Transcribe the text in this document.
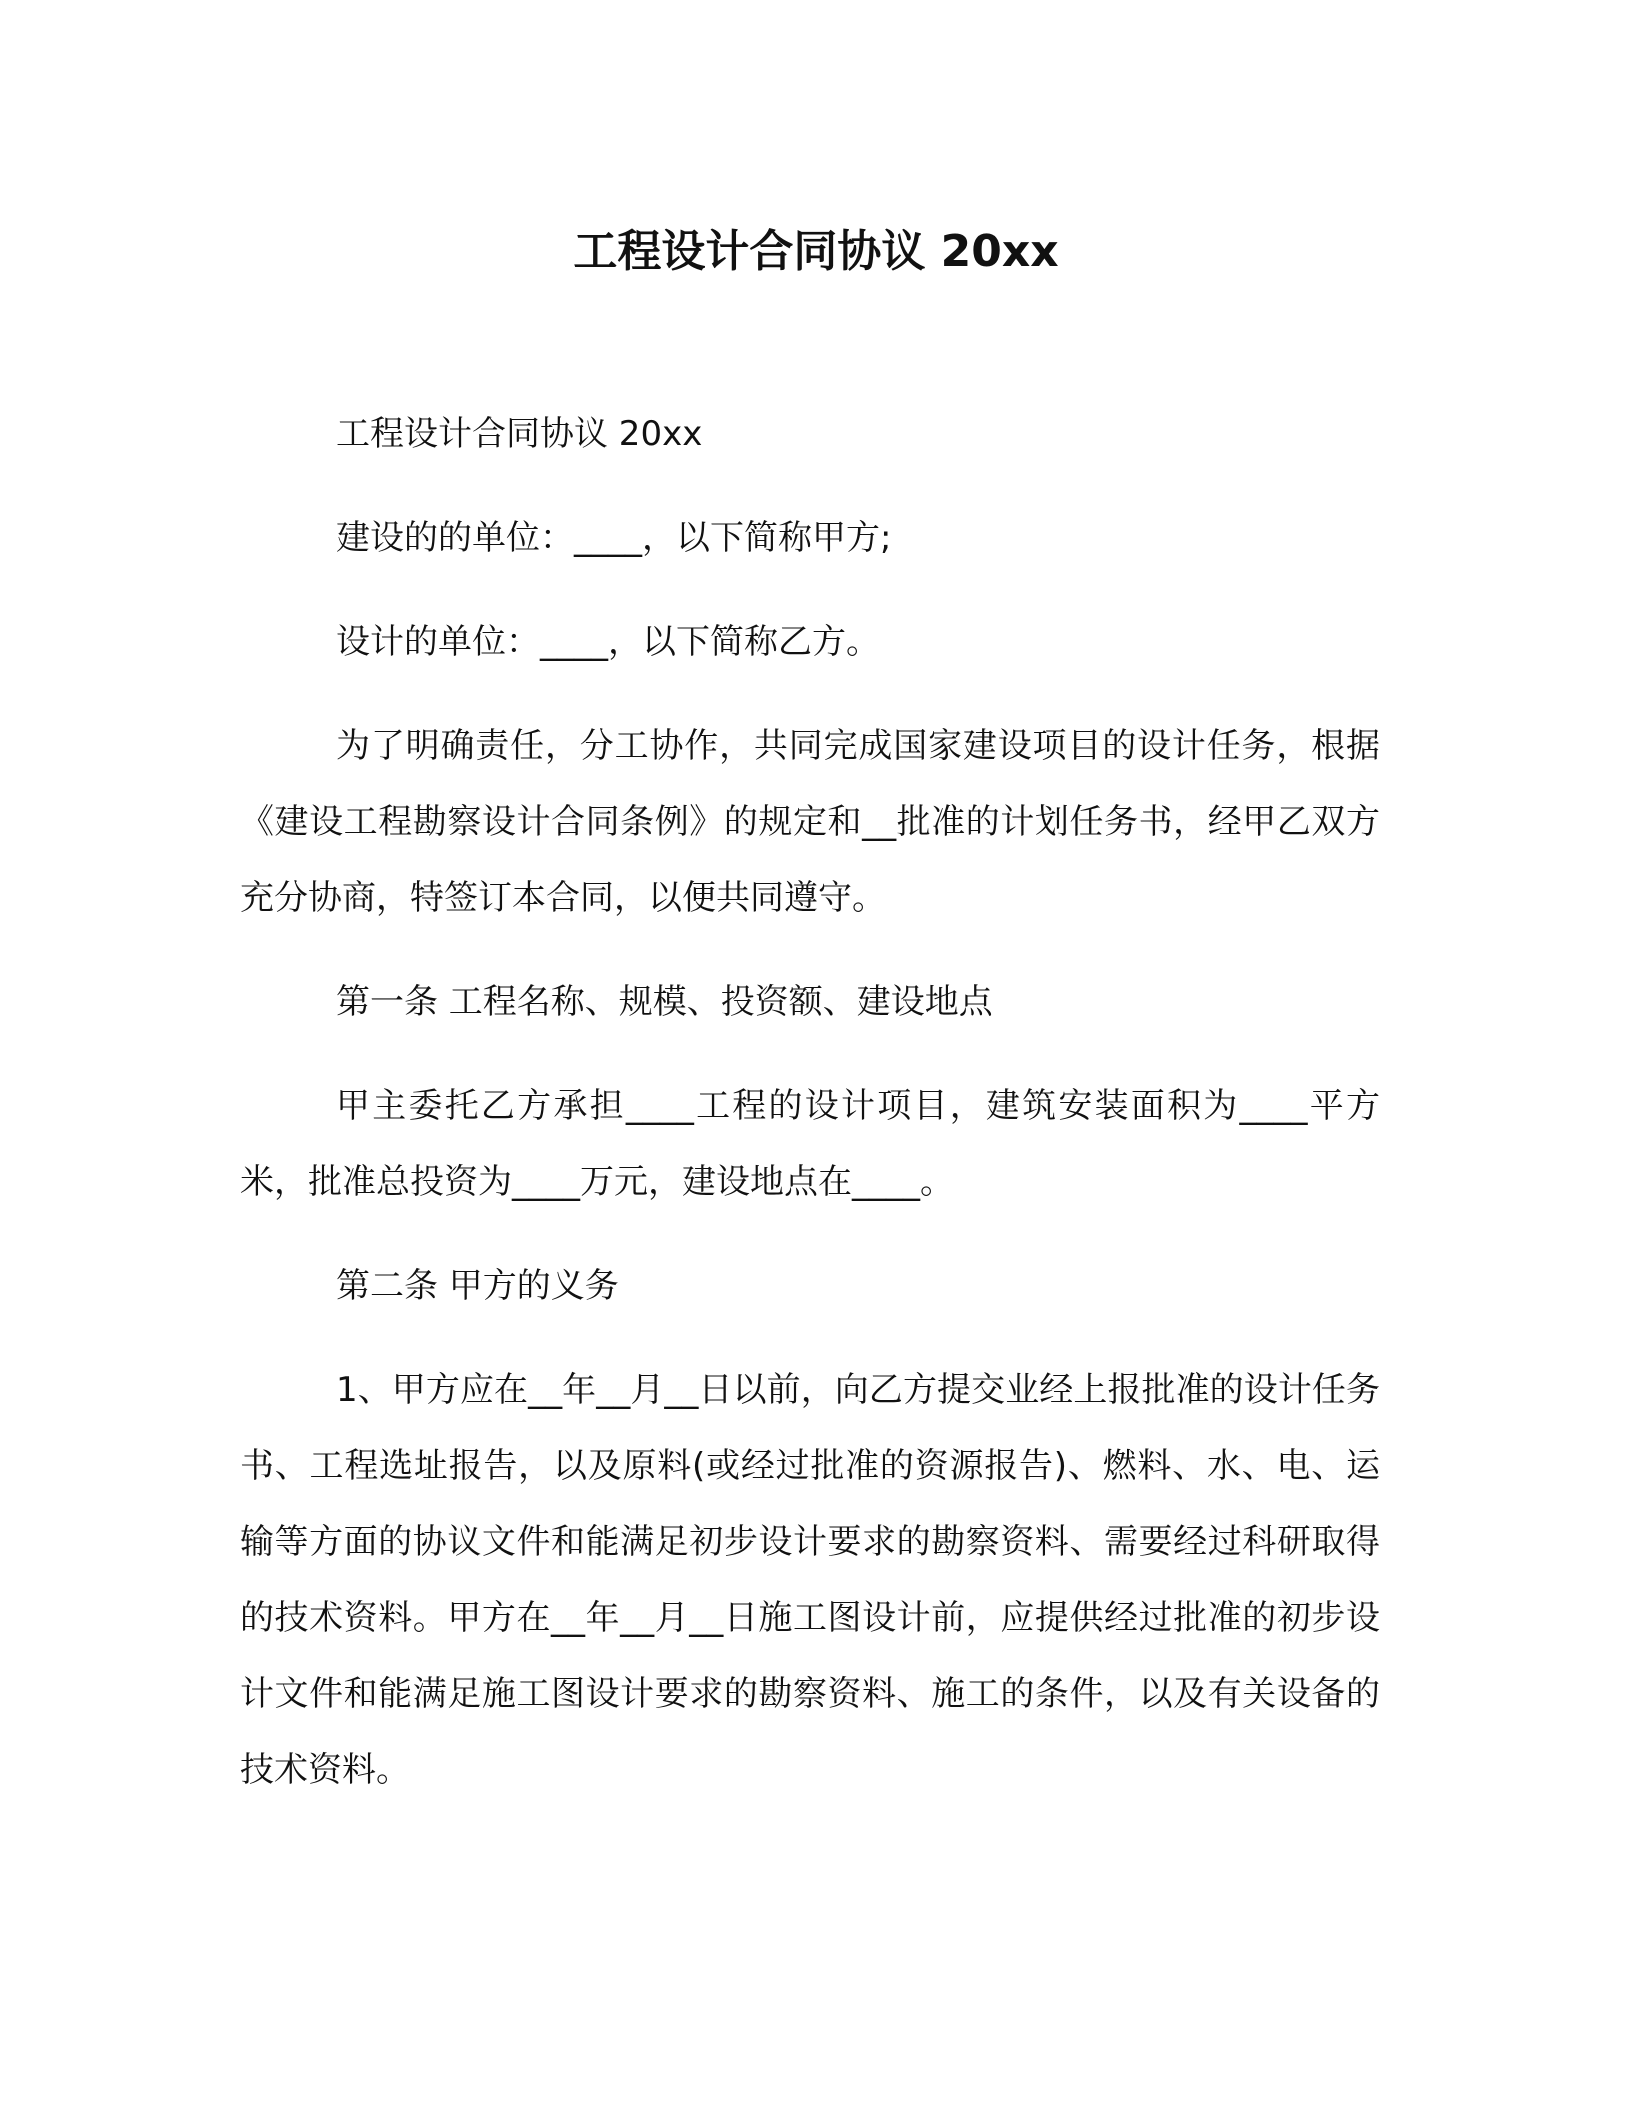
工程设计合同协议 20xx

工程设计合同协议 20xx

建设的的单位：____，以下简称甲方;

设计的单位：____，以下简称乙方。

为了明确责任，分工协作，共同完成国家建设项目的设计任务，根据《建设工程勘察设计合同条例》的规定和__批准的计划任务书，经甲乙双方充分协商，特签订本合同，以便共同遵守。

第一条 工程名称、规模、投资额、建设地点

甲主委托乙方承担____工程的设计项目，建筑安装面积为____平方米，批准总投资为____万元，建设地点在____。

第二条 甲方的义务

1、甲方应在__年__月__日以前，向乙方提交业经上报批准的设计任务书、工程选址报告，以及原料(或经过批准的资源报告)、燃料、水、电、运输等方面的协议文件和能满足初步设计要求的勘察资料、需要经过科研取得的技术资料。甲方在__年__月__日施工图设计前，应提供经过批准的初步设计文件和能满足施工图设计要求的勘察资料、施工的条件，以及有关设备的技术资料。
